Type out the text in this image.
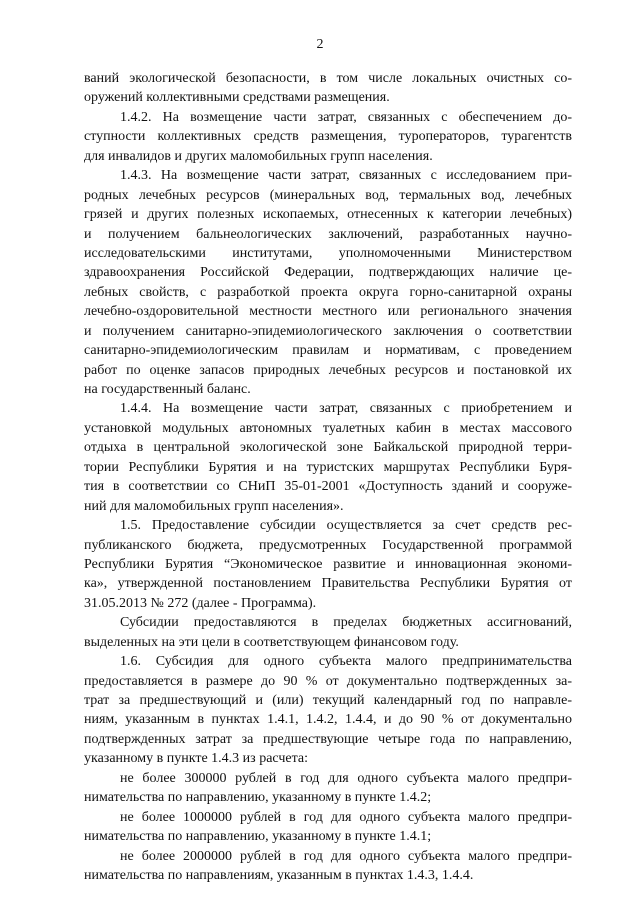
2
ваний экологической безопасности, в том числе локальных очистных со-
оружений коллективными средствами размещения.
1.4.2. На возмещение части затрат, связанных с обеспечением до-
ступности коллективных средств размещения, туроператоров, турагентств
для инвалидов и других маломобильных групп населения.
1.4.3. На возмещение части затрат, связанных с исследованием при-
родных лечебных ресурсов (минеральных вод, термальных вод, лечебных
грязей и других полезных ископаемых, отнесенных к категории лечебных)
и получением бальнеологических заключений, разработанных научно-
исследовательскими институтами, уполномоченными Министерством
здравоохранения Российской Федерации, подтверждающих наличие це-
лебных свойств, с разработкой проекта округа горно-санитарной охраны
лечебно-оздоровительной местности местного или регионального значения
и получением санитарно-эпидемиологического заключения о соответствии
санитарно-эпидемиологическим правилам и нормативам, с проведением
работ по оценке запасов природных лечебных ресурсов и постановкой их
на государственный баланс.
1.4.4. На возмещение части затрат, связанных с приобретением и
установкой модульных автономных туалетных кабин в местах массового
отдыха в центральной экологической зоне Байкальской природной терри-
тории Республики Бурятия и на туристских маршрутах Республики Буря-
тия в соответствии со СНиП 35-01-2001 «Доступность зданий и сооруже-
ний для маломобильных групп населения».
1.5. Предоставление субсидии осуществляется за счет средств рес-
публиканского бюджета, предусмотренных Государственной программой
Республики Бурятия “Экономическое развитие и инновационная экономи-
ка», утвержденной постановлением Правительства Республики Бурятия от
31.05.2013 № 272 (далее - Программа).
Субсидии предоставляются в пределах бюджетных ассигнований,
выделенных на эти цели в соответствующем финансовом году.
1.6. Субсидия для одного субъекта малого предпринимательства
предоставляется в размере до 90 % от документально подтвержденных за-
трат за предшествующий и (или) текущий календарный год по направле-
ниям, указанным в пунктах 1.4.1, 1.4.2, 1.4.4, и до 90 % от документально
подтвержденных затрат за предшествующие четыре года по направлению,
указанному в пункте 1.4.3 из расчета:
не более 300000 рублей в год для одного субъекта малого предпри-
нимательства по направлению, указанному в пункте 1.4.2;
не более 1000000 рублей в год для одного субъекта малого предпри-
нимательства по направлению, указанному в пункте 1.4.1;
не более 2000000 рублей в год для одного субъекта малого предпри-
нимательства по направлениям, указанным в пунктах 1.4.3, 1.4.4.
